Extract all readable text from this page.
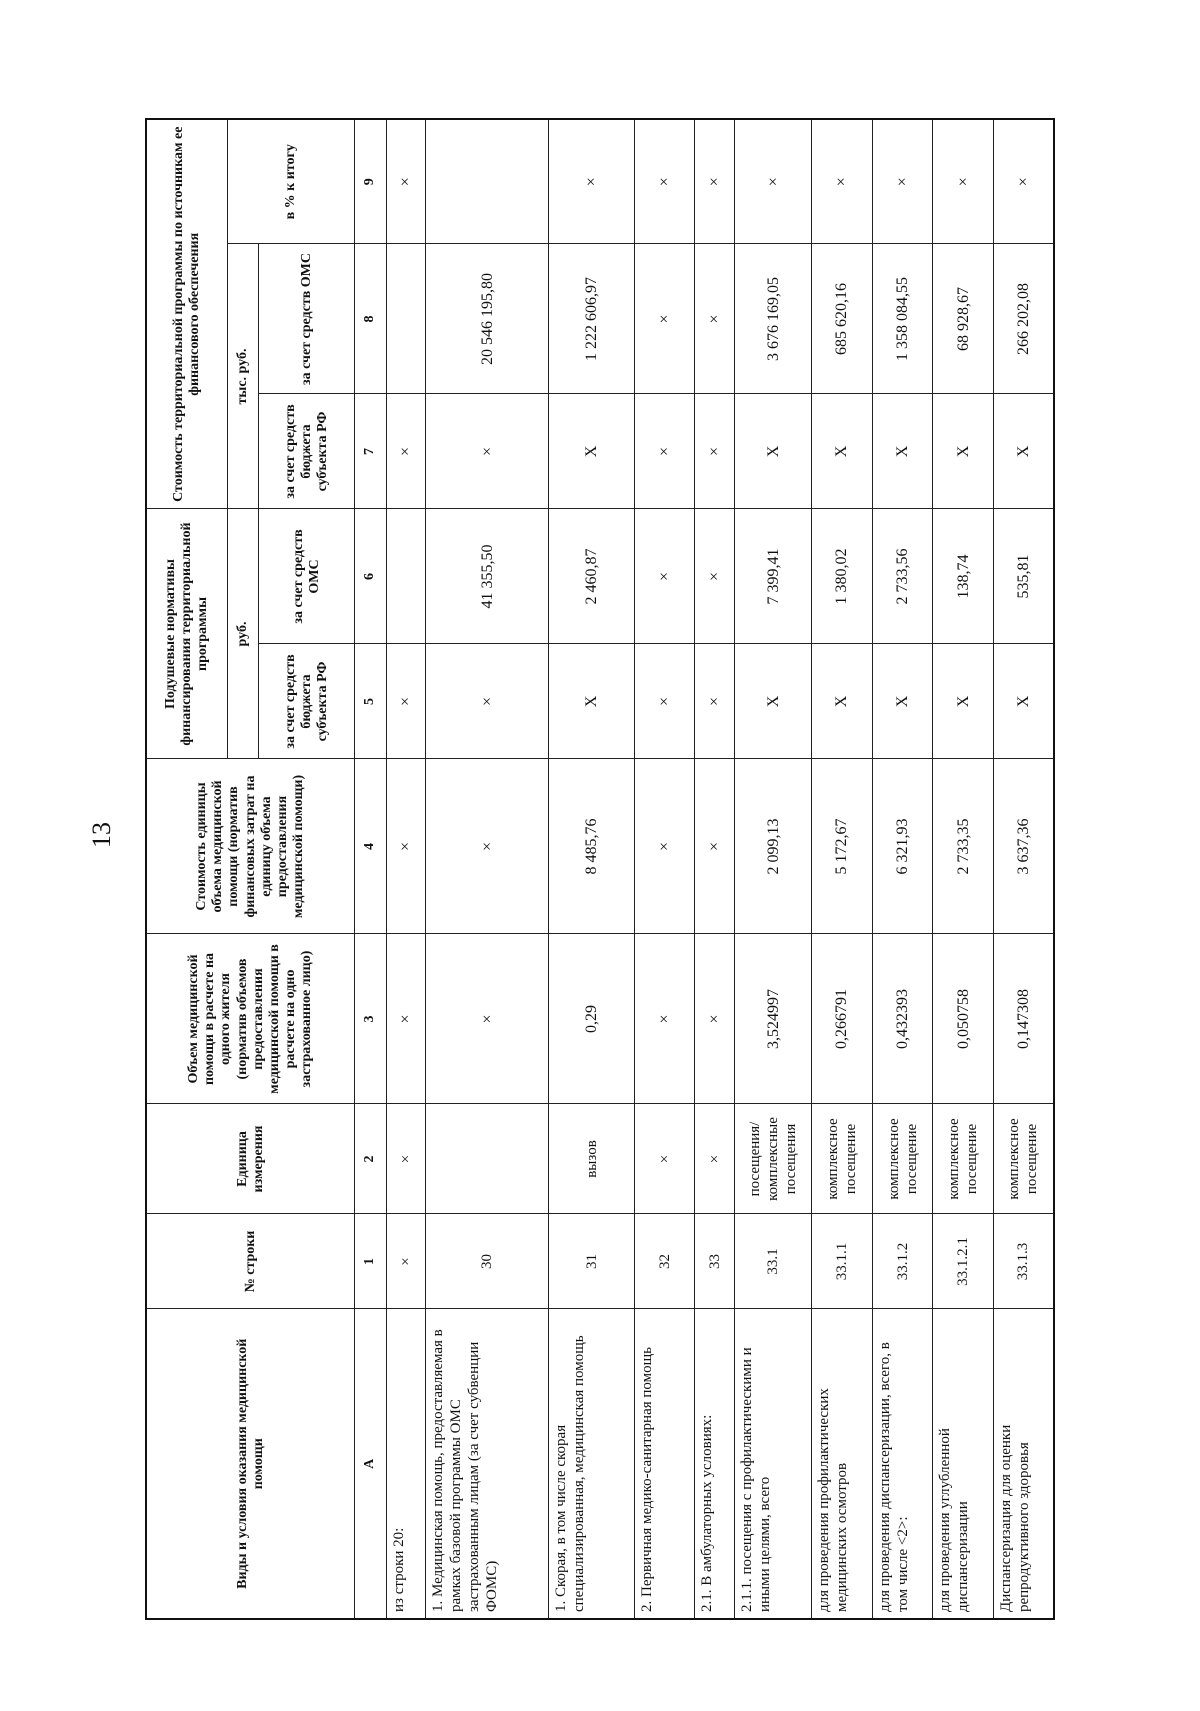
13
Виды и условия оказания медицинской помощи	№ строки	Единица измерения	Объем медицинской помощи в расчете на одного жителя (норматив объемов предоставления медицинской помощи в расчете на одно застрахованное лицо)	Стоимость единицы объема медицинской помощи (норматив финансовых затрат на единицу объема предоставления медицинской помощи)	Подушевые нормативы финансирования территориальной программы		Стоимость территориальной программы по источникам ее финансового обеспечения		
					руб.		тыс. руб.		в % к итогу
					за счет средств бюджета субъекта РФ	за счет средств ОМС	за счет средств бюджета субъекта РФ	за счет средств ОМС	
А	1	2	3	4	5	6	7	8	9
из строки 20:	×	×	×	×	×		×		×
1. Медицинская помощь, предоставляемая в рамках базовой программы ОМС застрахованным лицам (за счет субвенции ФОМС)	30		×	×	×	41 355,50	×	20 546 195,80	
1. Скорая, в том числе скорая специализированная, медицинская помощь	31	вызов	0,29	8 485,76	X	2 460,87	X	1 222 606,97	×
2. Первичная медико-санитарная помощь	32	×	×	×	×	×	×	×	×
2.1. В амбулаторных условиях:	33	×	×	×	×	×	×	×	×
2.1.1. посещения с профилактическими и иными целями, всего	33.1	посещения/комплексные посещения	3,524997	2 099,13	X	7 399,41	X	3 676 169,05	×
для проведения профилактических медицинских осмотров	33.1.1	комплексное посещение	0,266791	5 172,67	X	1 380,02	X	685 620,16	×
для проведения диспансеризации, всего, в том числе <2>:	33.1.2	комплексное посещение	0,432393	6 321,93	X	2 733,56	X	1 358 084,55	×
для проведения углубленной диспансеризации	33.1.2.1	комплексное посещение	0,050758	2 733,35	X	138,74	X	68 928,67	×
Диспансеризация для оценки репродуктивного здоровья	33.1.3	комплексное посещение	0,147308	3 637,36	X	535,81	X	266 202,08	×
